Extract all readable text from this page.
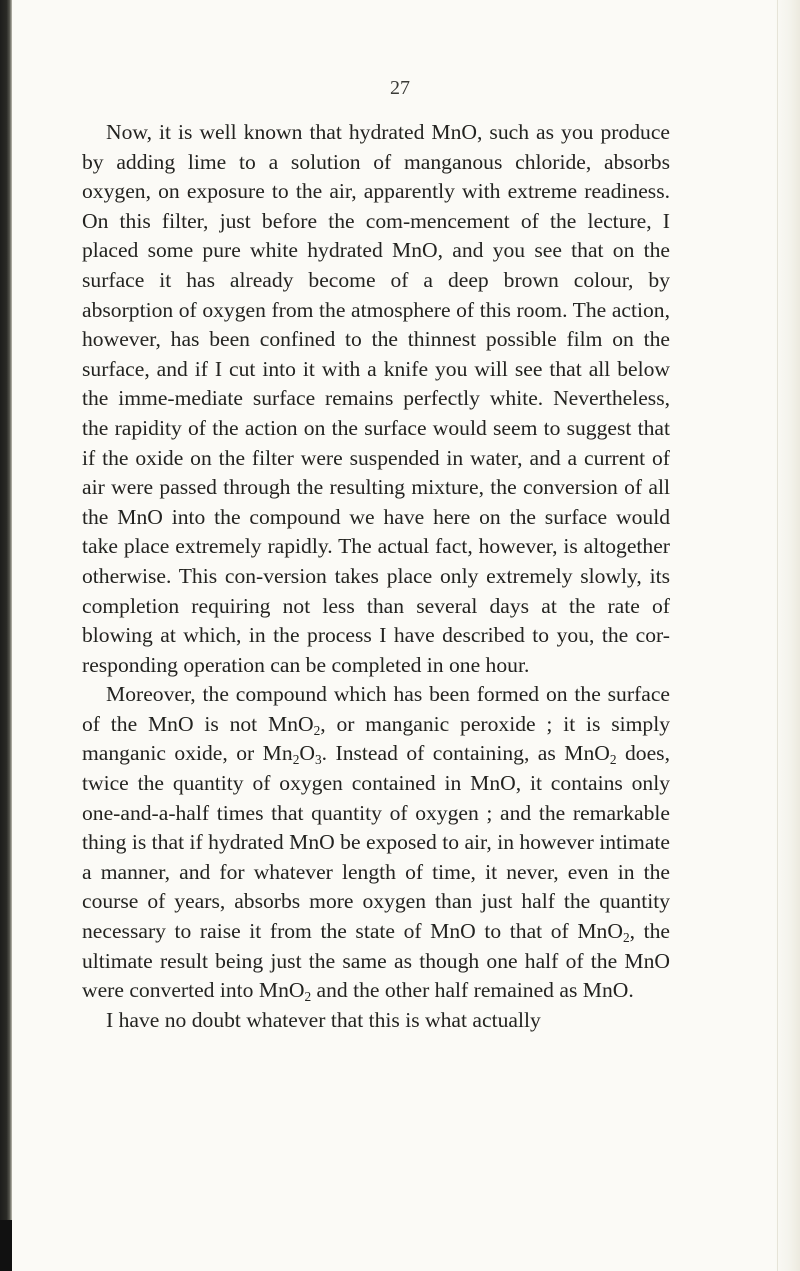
27

Now, it is well known that hydrated MnO, such as you produce by adding lime to a solution of manganous chloride, absorbs oxygen, on exposure to the air, apparently with extreme readiness. On this filter, just before the com-mencement of the lecture, I placed some pure white hydrated MnO, and you see that on the surface it has already become of a deep brown colour, by absorption of oxygen from the atmosphere of this room. The action, however, has been confined to the thinnest possible film on the surface, and if I cut into it with a knife you will see that all below the imme-mediate surface remains perfectly white. Nevertheless, the rapidity of the action on the surface would seem to suggest that if the oxide on the filter were suspended in water, and a current of air were passed through the resulting mixture, the conversion of all the MnO into the compound we have here on the surface would take place extremely rapidly. The actual fact, however, is altogether otherwise. This con-version takes place only extremely slowly, its completion requiring not less than several days at the rate of blowing at which, in the process I have described to you, the cor-responding operation can be completed in one hour.

Moreover, the compound which has been formed on the surface of the MnO is not MnO$_2$, or manganic peroxide ; it is simply manganic oxide, or $Mn_2O_3$. Instead of containing, as MnO$_2$ does, twice the quantity of oxygen contained in MnO, it contains only one-and-a-half times that quantity of oxygen ; and the remarkable thing is that if hydrated MnO be exposed to air, in however intimate a manner, and for whatever length of time, it never, even in the course of years, absorbs more oxygen than just half the quantity necessary to raise it from the state of MnO to that of MnO$_2$, the ultimate result being just the same as though one half of the MnO were converted into MnO$_2$ and the other half remained as MnO.

I have no doubt whatever that this is what actually
